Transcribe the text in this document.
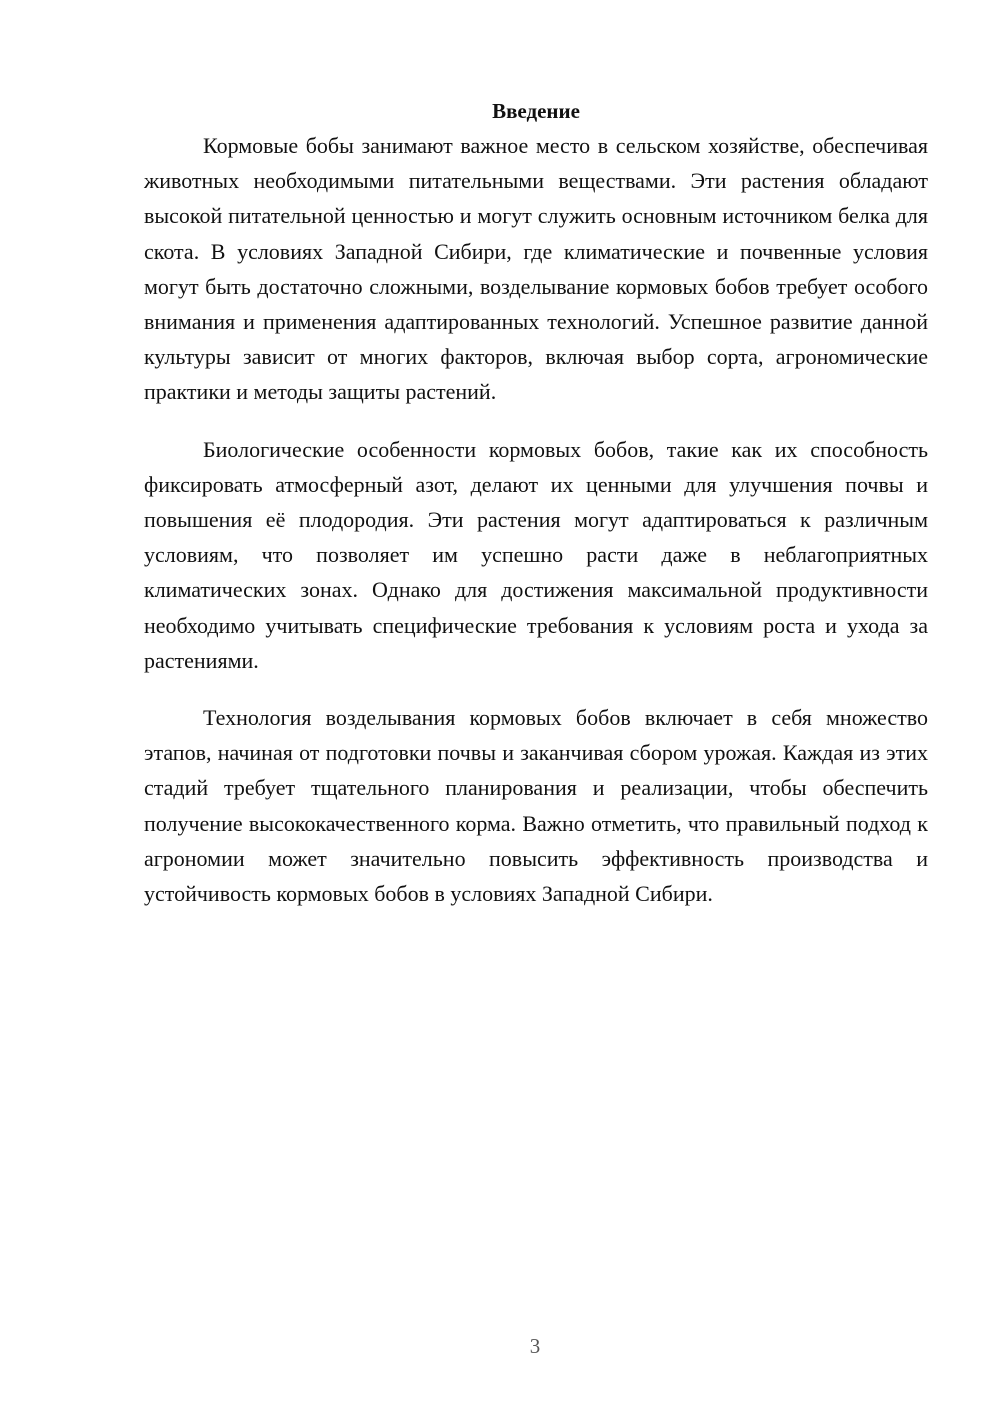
Введение

Кормовые бобы занимают важное место в сельском хозяйстве, обеспечивая животных необходимыми питательными веществами. Эти растения обладают высокой питательной ценностью и могут служить основным источником белка для скота. В условиях Западной Сибири, где климатические и почвенные условия могут быть достаточно сложными, возделывание кормовых бобов требует особого внимания и применения адаптированных технологий. Успешное развитие данной культуры зависит от многих факторов, включая выбор сорта, агрономические практики и методы защиты растений.

Биологические особенности кормовых бобов, такие как их способность фиксировать атмосферный азот, делают их ценными для улучшения почвы и повышения её плодородия. Эти растения могут адаптироваться к различным условиям, что позволяет им успешно расти даже в неблагоприятных климатических зонах. Однако для достижения максимальной продуктивности необходимо учитывать специфические требования к условиям роста и ухода за растениями.

Технология возделывания кормовых бобов включает в себя множество этапов, начиная от подготовки почвы и заканчивая сбором урожая. Каждая из этих стадий требует тщательного планирования и реализации, чтобы обеспечить получение высококачественного корма. Важно отметить, что правильный подход к агрономии может значительно повысить эффективность производства и устойчивость кормовых бобов в условиях Западной Сибири.

3
